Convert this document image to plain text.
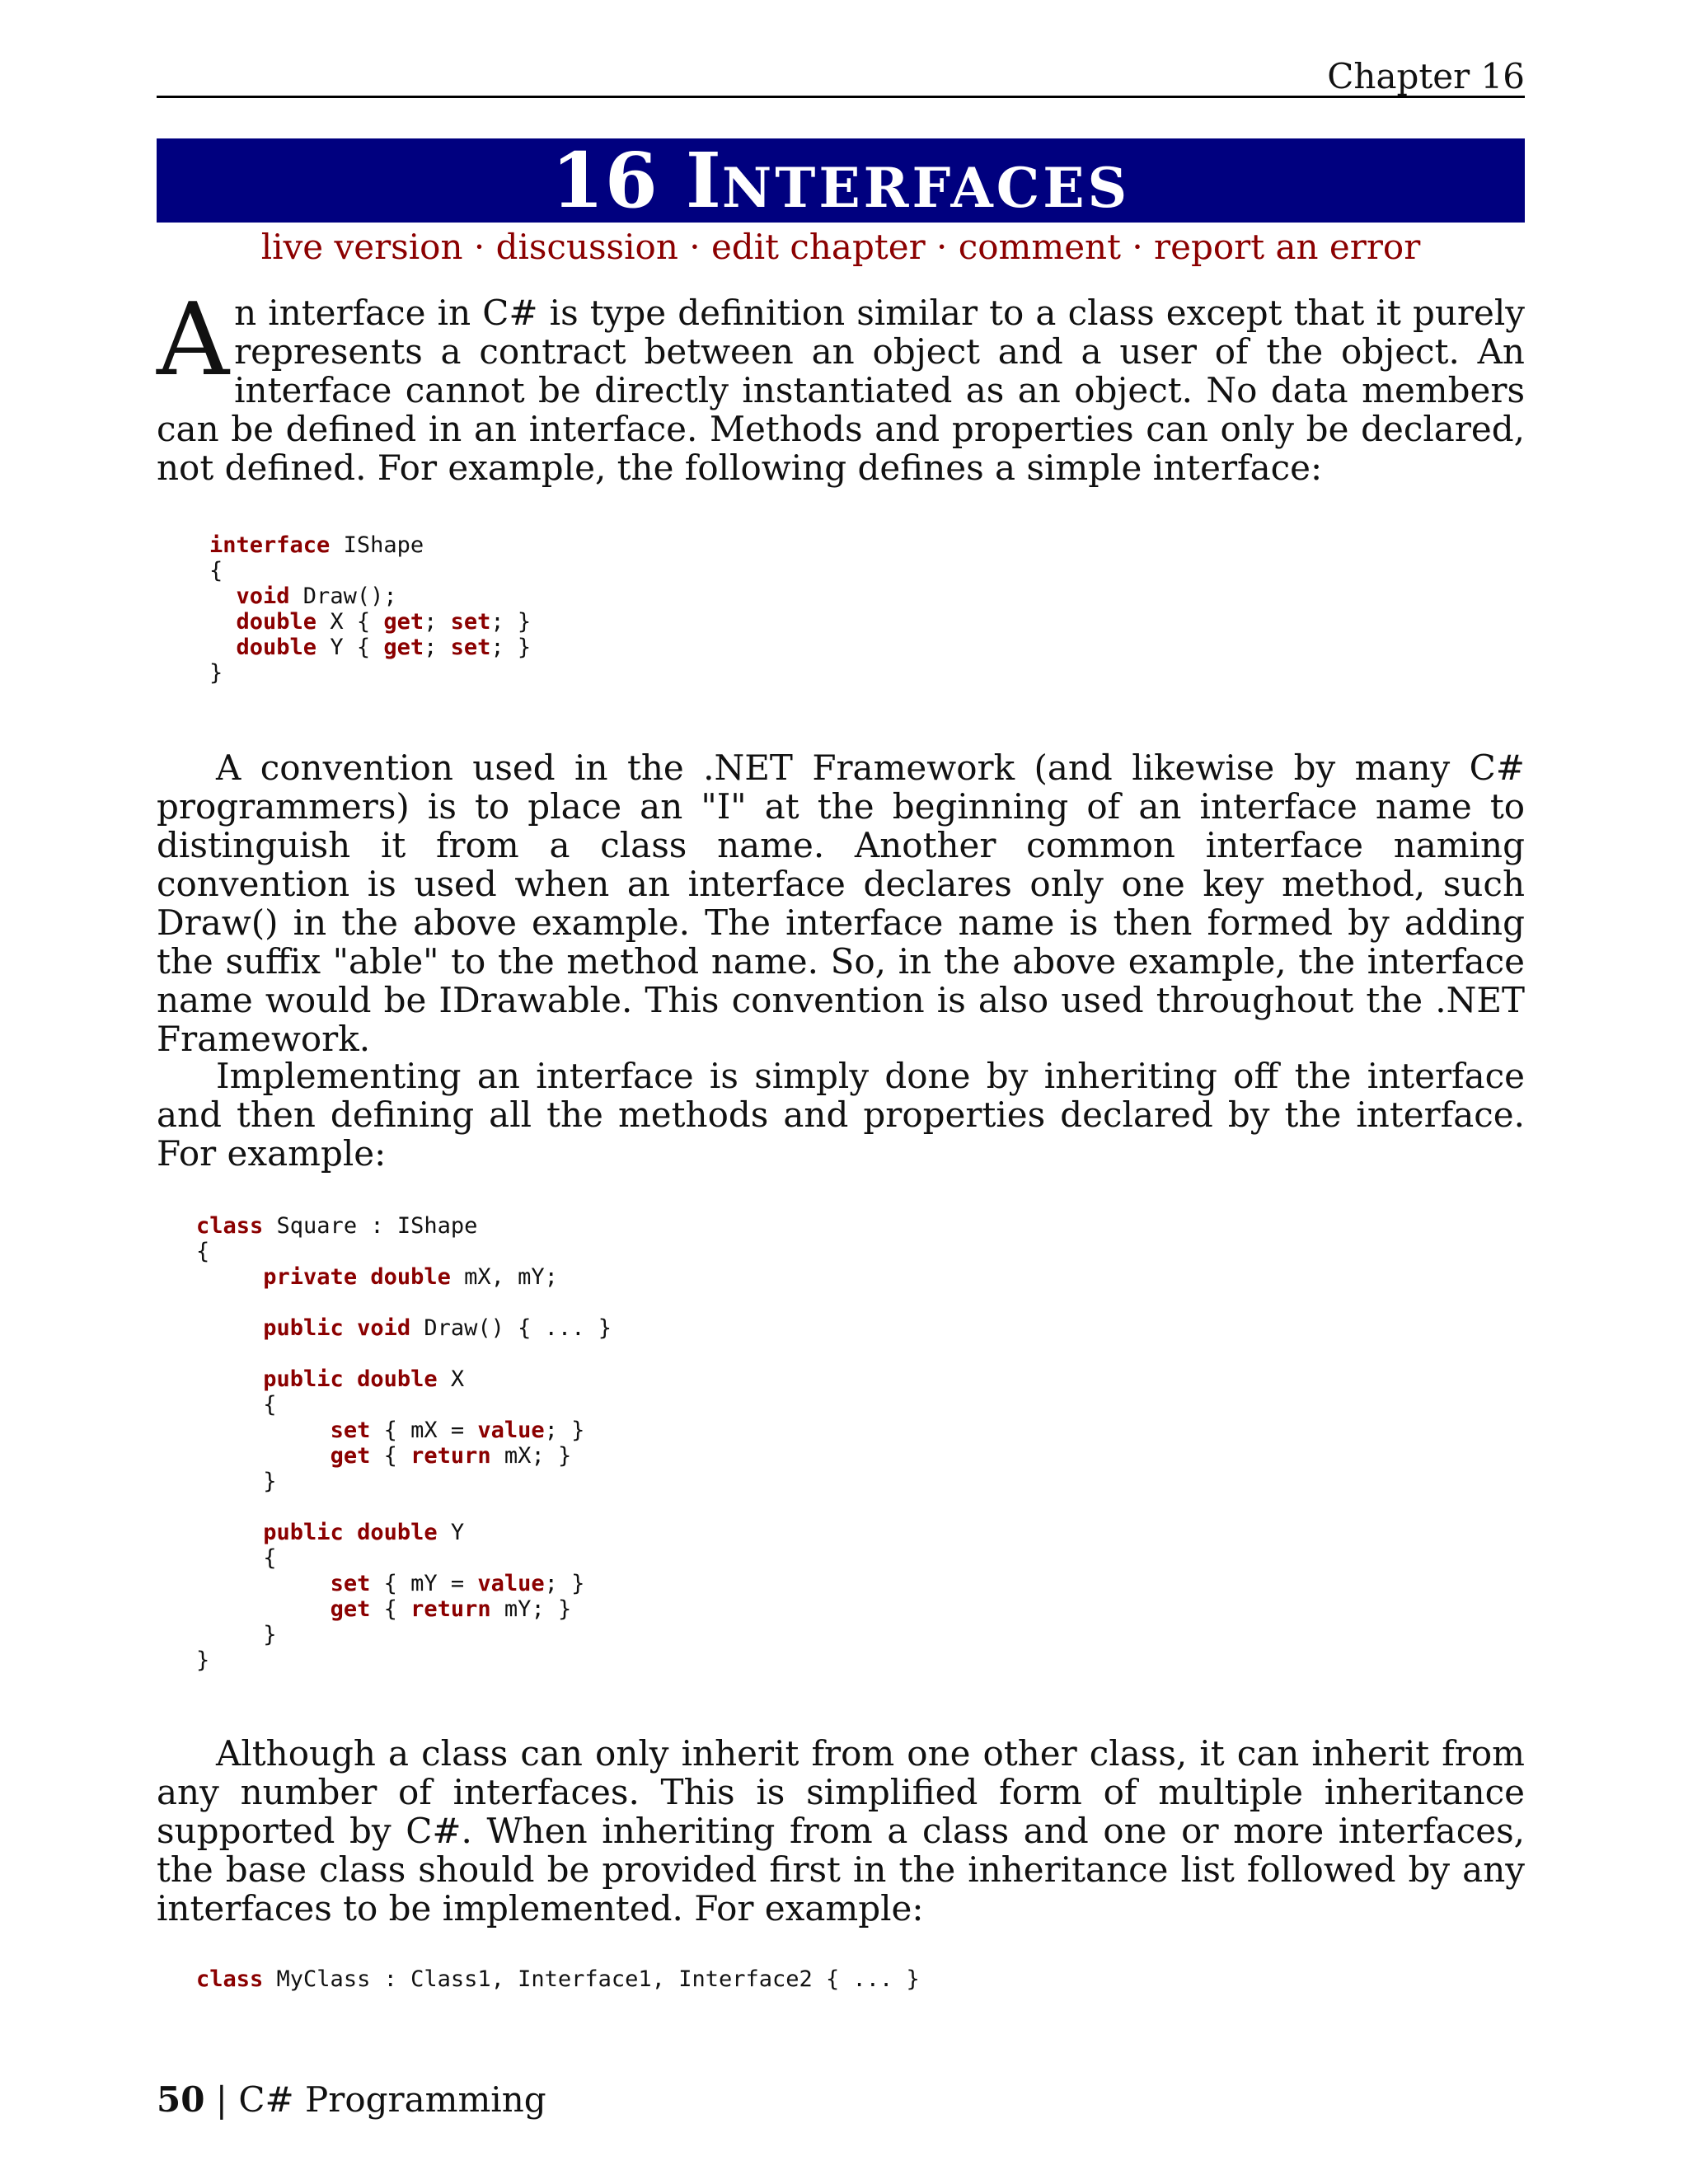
Chapter 16
16 INTERFACES
live version · discussion · edit chapter · comment · report an error

An interface in C# is type definition similar to a class except that it purely represents a contract between an object and a user of the object. An interface cannot be directly instantiated as an object. No data members can be defined in an interface. Methods and properties can only be declared, not defined. For example, the following defines a simple interface:

interface IShape
{
void Draw();
double X { get; set; }
double Y { get; set; }
}

A convention used in the .NET Framework (and likewise by many C# programmers) is to place an "I" at the beginning of an interface name to distinguish it from a class name. Another common interface naming convention is used when an interface declares only one key method, such Draw() in the above example. The interface name is then formed by adding the suffix "able" to the method name. So, in the above example, the interface name would be IDrawable. This convention is also used throughout the .NET Framework.

Implementing an interface is simply done by inheriting off the interface and then defining all the methods and properties declared by the interface. For example:

class Square : IShape
{
private double mX, mY;

public void Draw() { ... }

public double X
{
set { mX = value; }
get { return mX; }
}

public double Y
{
set { mY = value; }
get { return mY; }
}
}

Although a class can only inherit from one other class, it can inherit from any number of interfaces. This is simplified form of multiple inheritance supported by C#. When inheriting from a class and one or more interfaces, the base class should be provided first in the inheritance list followed by any interfaces to be implemented. For example:

class MyClass : Class1, Interface1, Interface2 { ... }
50 | C# Programming
